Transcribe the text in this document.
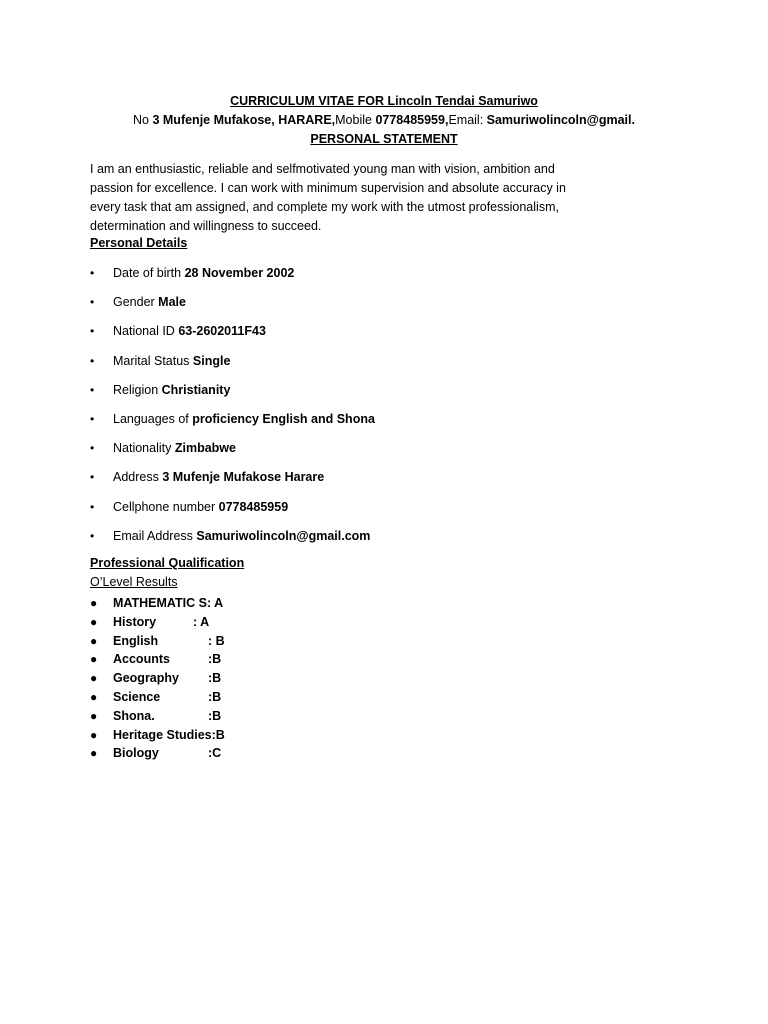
CURRICULUM VITAE FOR Lincoln Tendai Samuriwo
No 3 Mufenje Mufakose, HARARE,Mobile 0778485959,Email: Samuriwolincoln@gmail.
PERSONAL STATEMENT

I am an enthusiastic, reliable and selfmotivated young man with vision, ambition and
passion for excellence. I can work with minimum supervision and absolute accuracy in
every task that am assigned, and complete my work with the utmost professionalism,
determination and willingness to succeed.

Personal Details
• Date of birth 28 November 2002
• Gender Male
• National ID 63-2602011F43
• Marital Status Single
• Religion Christianity
• Languages of proficiency English and Shona
• Nationality Zimbabwe
• Address 3 Mufenje Mufakose Harare
• Cellphone number 0778485959
• Email Address Samuriwolincoln@gmail.com
Professional Qualification
O’Level Results
● MATHEMATIC S: A
● History	: A
● English	: B
● Accounts	:B
● Geography :B
● Science	:B
● Shona.	:B
● Heritage Studies:B
● Biology	:C
